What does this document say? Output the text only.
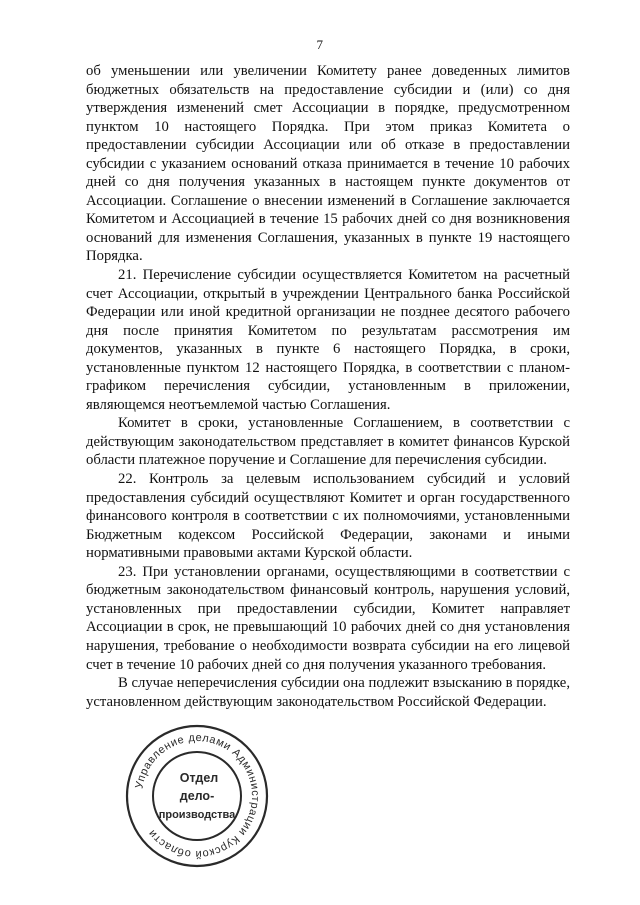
7

об уменьшении или увеличении Комитету ранее доведенных лимитов бюджетных обязательств на предоставление субсидии и (или) со дня утверждения изменений смет Ассоциации в порядке, предусмотренном пунктом 10 настоящего Порядка. При этом приказ Комитета о предоставлении субсидии Ассоциации или об отказе в предоставлении субсидии с указанием оснований отказа принимается в течение 10 рабочих дней со дня получения указанных в настоящем пункте документов от Ассоциации. Соглашение о внесении изменений в Соглашение заключается Комитетом и Ассоциацией в течение 15 рабочих дней со дня возникновения оснований для изменения Соглашения, указанных в пункте 19 настоящего Порядка.

21. Перечисление субсидии осуществляется Комитетом на расчетный счет Ассоциации, открытый в учреждении Центрального банка Российской Федерации или иной кредитной организации не позднее десятого рабочего дня после принятия Комитетом по результатам рассмотрения им документов, указанных в пункте 6 настоящего Порядка, в сроки, установленные пунктом 12 настоящего Порядка, в соответствии с планом-графиком перечисления субсидии, установленным в приложении, являющемся неотъемлемой частью Соглашения.

Комитет в сроки, установленные Соглашением, в соответствии с действующим законодательством представляет в комитет финансов Курской области платежное поручение и Соглашение для перечисления субсидии.

22. Контроль за целевым использованием субсидий и условий предоставления субсидий осуществляют Комитет и орган государственного финансового контроля в соответствии с их полномочиями, установленными Бюджетным кодексом Российской Федерации, законами и иными нормативными правовыми актами Курской области.

23. При установлении органами, осуществляющими в соответствии с бюджетным законодательством финансовый контроль, нарушения условий, установленных при предоставлении субсидии, Комитет направляет Ассоциации в срок, не превышающий 10 рабочих дней со дня установления нарушения, требование о необходимости возврата субсидии на его лицевой счет в течение 10 рабочих дней со дня получения указанного требования.

В случае неперечисления субсидии она подлежит взысканию в порядке, установленном действующим законодательством Российской Федерации.

Управление делами Администрации Курской области
Отдел
дело-
производства
